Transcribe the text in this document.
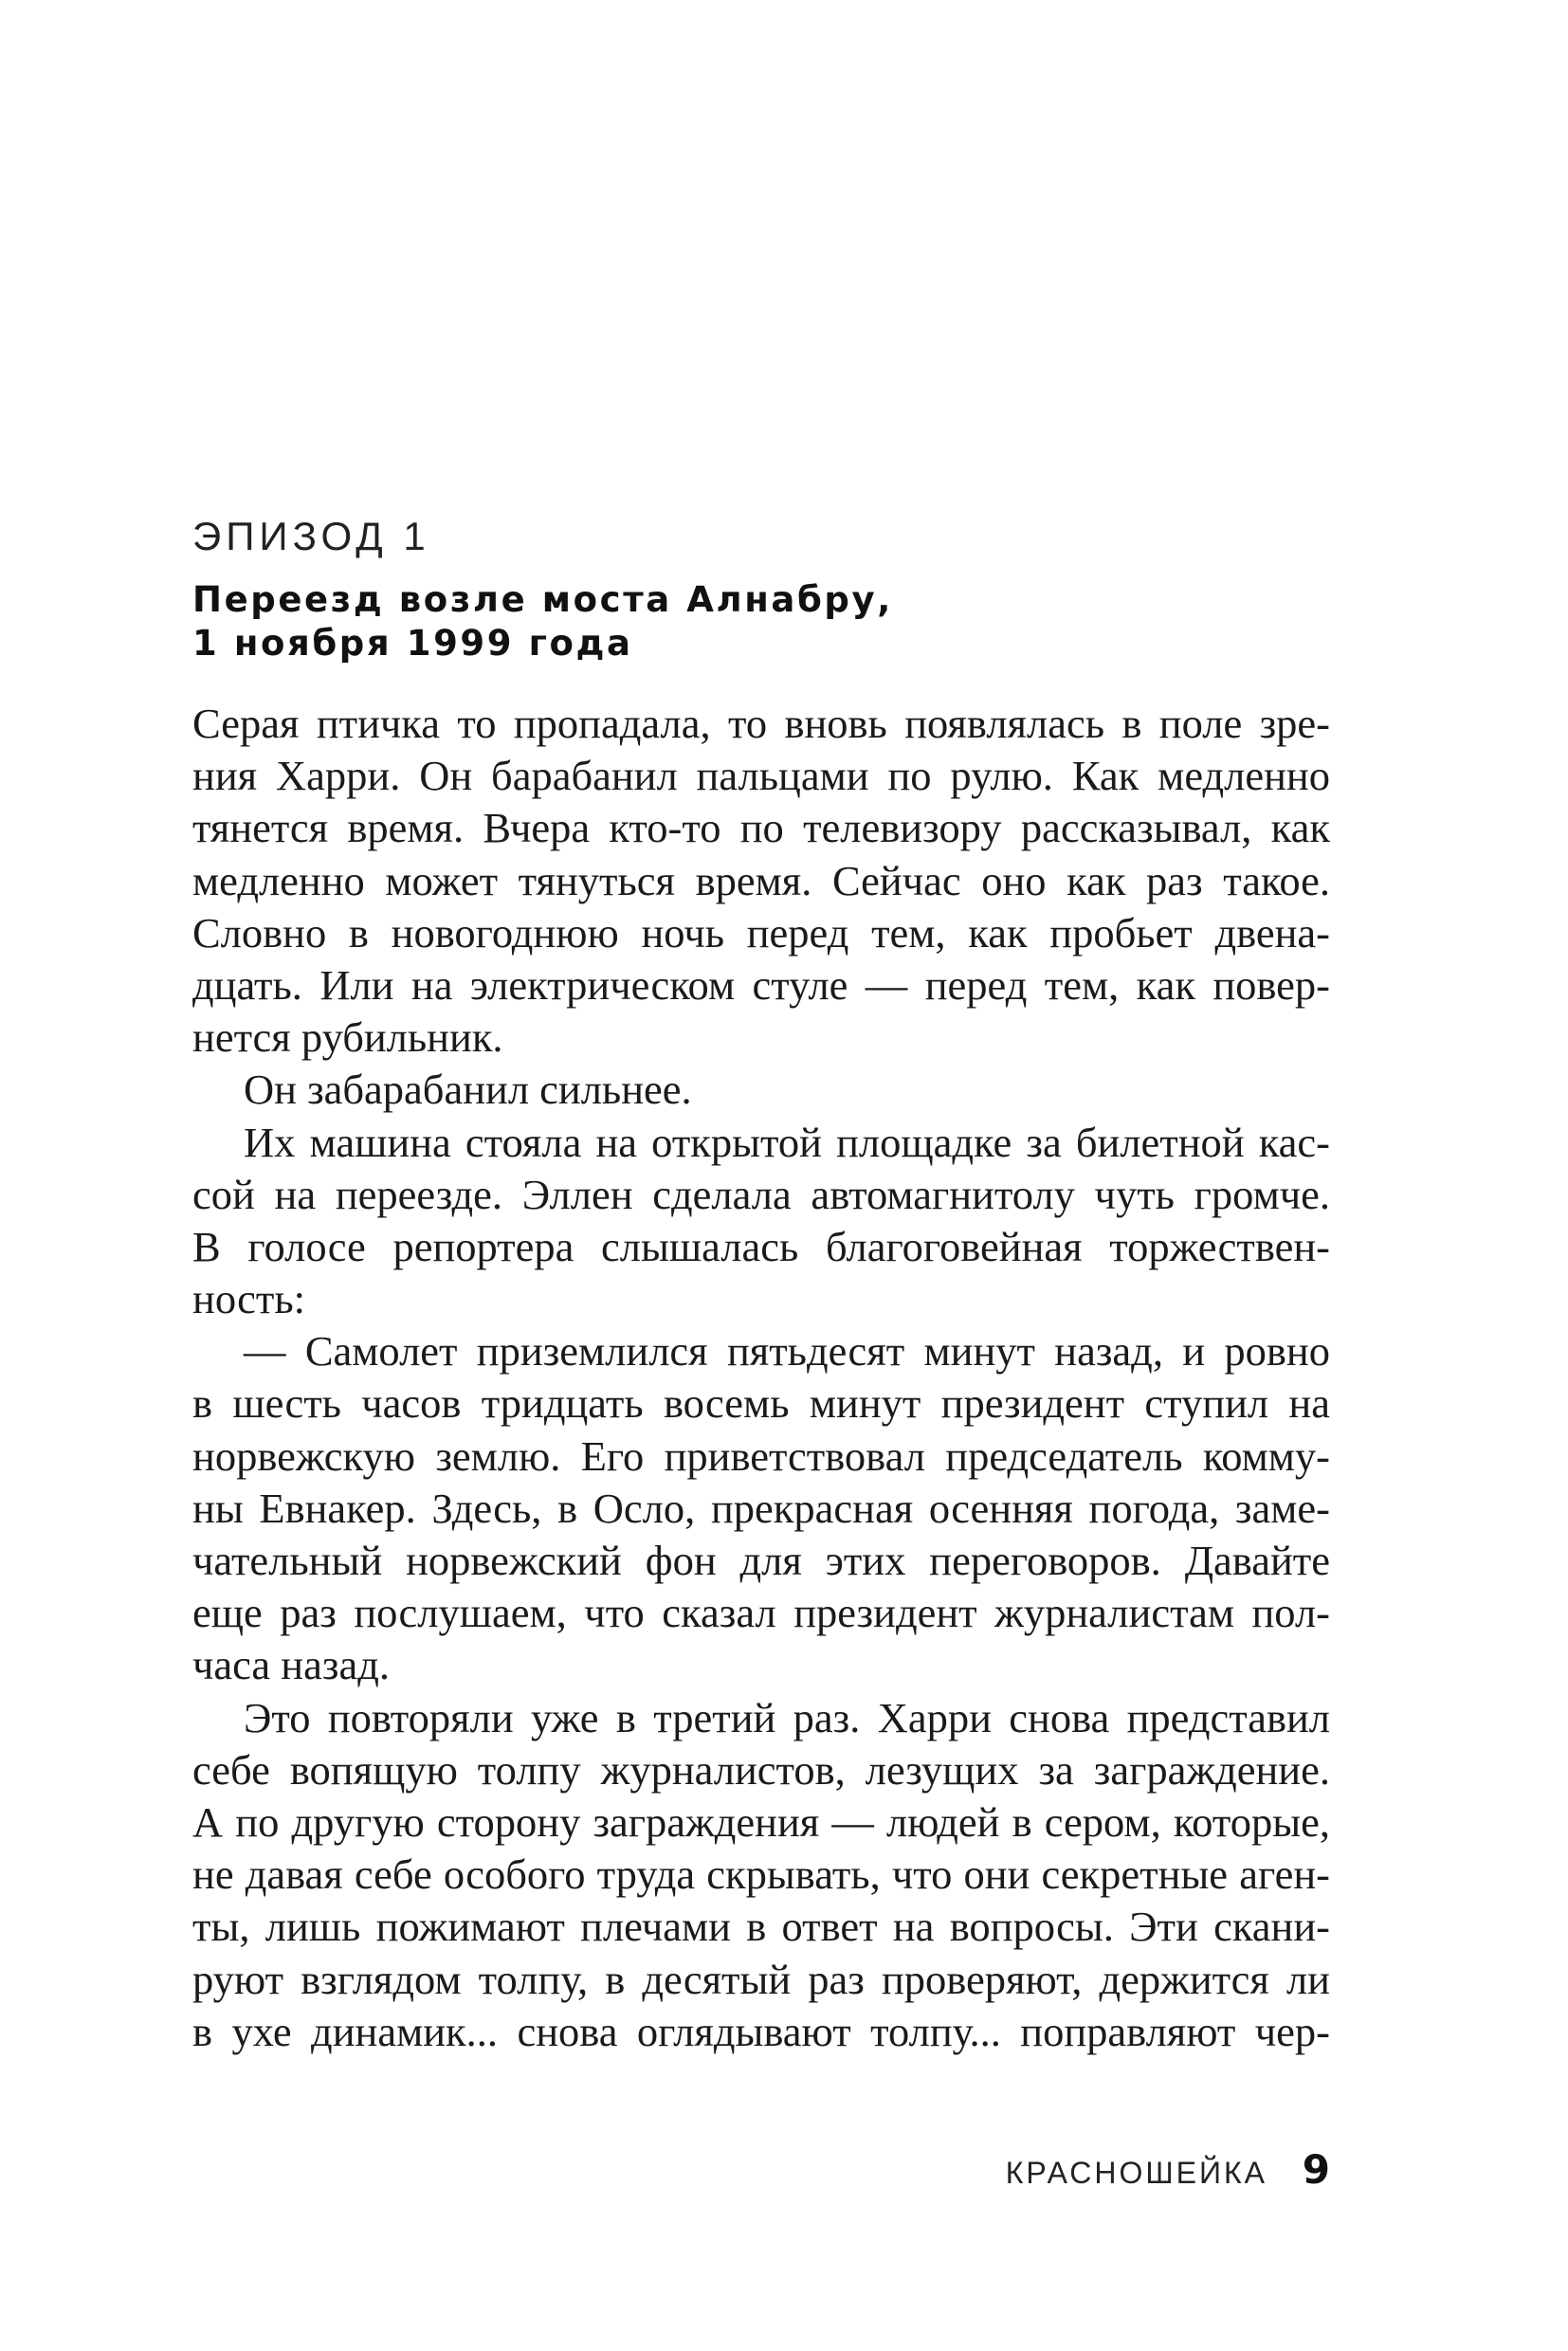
ЭПИЗОД 1
Переезд возле моста Алнабру,
1 ноября 1999 года
Серая птичка то пропадала, то вновь появлялась в поле зре-
ния Харри. Он барабанил пальцами по рулю. Как медленно
тянется время. Вчера кто-то по телевизору рассказывал, как
медленно может тянуться время. Сейчас оно как раз такое.
Словно в новогоднюю ночь перед тем, как пробьет двена-
дцать. Или на электрическом стуле — перед тем, как повер-
нется рубильник.
Он забарабанил сильнее.
Их машина стояла на открытой площадке за билетной кас-
сой на переезде. Эллен сделала автомагнитолу чуть громче.
В голосе репортера слышалась благоговейная торжествен-
ность:
— Самолет приземлился пятьдесят минут назад, и ровно
в шесть часов тридцать восемь минут президент ступил на
норвежскую землю. Его приветствовал председатель комму-
ны Евнакер. Здесь, в Осло, прекрасная осенняя погода, заме-
чательный норвежский фон для этих переговоров. Давайте
еще раз послушаем, что сказал президент журналистам пол-
часа назад.
Это повторяли уже в третий раз. Харри снова представил
себе вопящую толпу журналистов, лезущих за заграждение.
А по другую сторону заграждения — людей в сером, которые,
не давая себе особого труда скрывать, что они секретные аген-
ты, лишь пожимают плечами в ответ на вопросы. Эти скани-
руют взглядом толпу, в десятый раз проверяют, держится ли
в ухе динамик... снова оглядывают толпу... поправляют чер-
КРАСНОШЕЙКА 9
